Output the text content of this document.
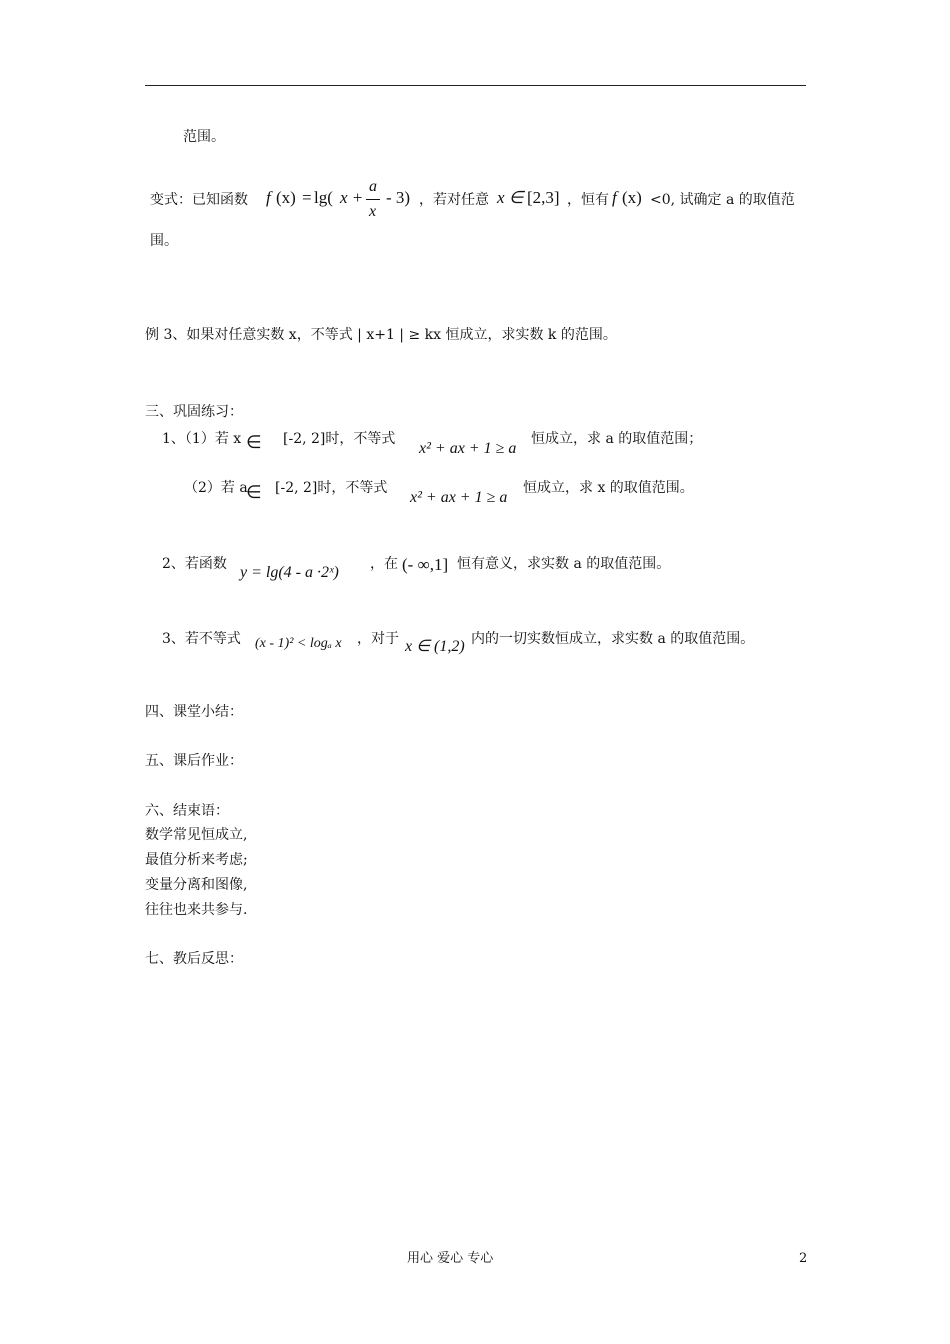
范围。
变式：已知函数 f (x) = lg( x +
a
x
- 3) ，若对任意 x ∈ [2,3] ，恒有 f (x) <0, 试确定 a 的取值范
围。
例 3、如果对任意实数 x，不等式 | x+1 | ≥ kx 恒成立，求实数 k 的范围。
三、巩固练习：
1、（1）若 x ∈ [-2, 2]时，不等式
x² + ax + 1 ≥ a
恒成立，求 a 的取值范围；
（2）若 a
∈ [-2, 2]时，不等式
x² + ax + 1 ≥ a
恒成立，求 x 的取值范围。
2、若函数 y = lg(4 - a ·2ˣ) ，在 (- ∞,1] 恒有意义，求实数 a 的取值范围。
3、若不等式 (x - 1)² < logₐ x ，对于 x ∈ (1,2) 内的一切实数恒成立，求实数 a 的取值范围。
四、课堂小结：
五、课后作业：
六、结束语：
数学常见恒成立,
最值分析来考虑;
变量分离和图像,
往往也来共参与.
七、教后反思：
用心 爱心 专心	2
